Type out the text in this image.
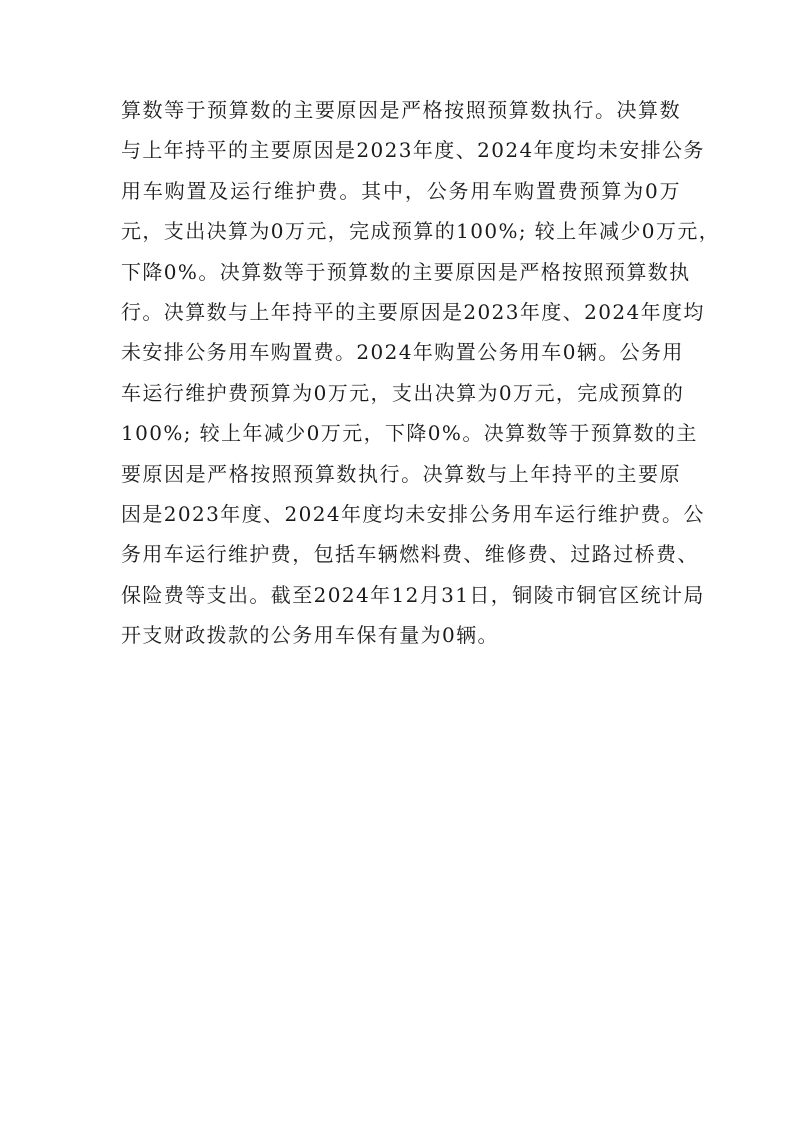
算数等于预算数的主要原因是严格按照预算数执行。决算数
与上年持平的主要原因是2023年度、2024年度均未安排公务
用车购置及运行维护费。其中，公务用车购置费预算为0万
元，支出决算为0万元，完成预算的100%; 较上年减少0万元，
下降0%。决算数等于预算数的主要原因是严格按照预算数执
行。决算数与上年持平的主要原因是2023年度、2024年度均
未安排公务用车购置费。2024年购置公务用车0辆。公务用
车运行维护费预算为0万元，支出决算为0万元，完成预算的
100%; 较上年减少0万元，下降0%。决算数等于预算数的主
要原因是严格按照预算数执行。决算数与上年持平的主要原
因是2023年度、2024年度均未安排公务用车运行维护费。公
务用车运行维护费，包括车辆燃料费、维修费、过路过桥费、
保险费等支出。截至2024年12月31日，铜陵市铜官区统计局
开支财政拨款的公务用车保有量为0辆。
